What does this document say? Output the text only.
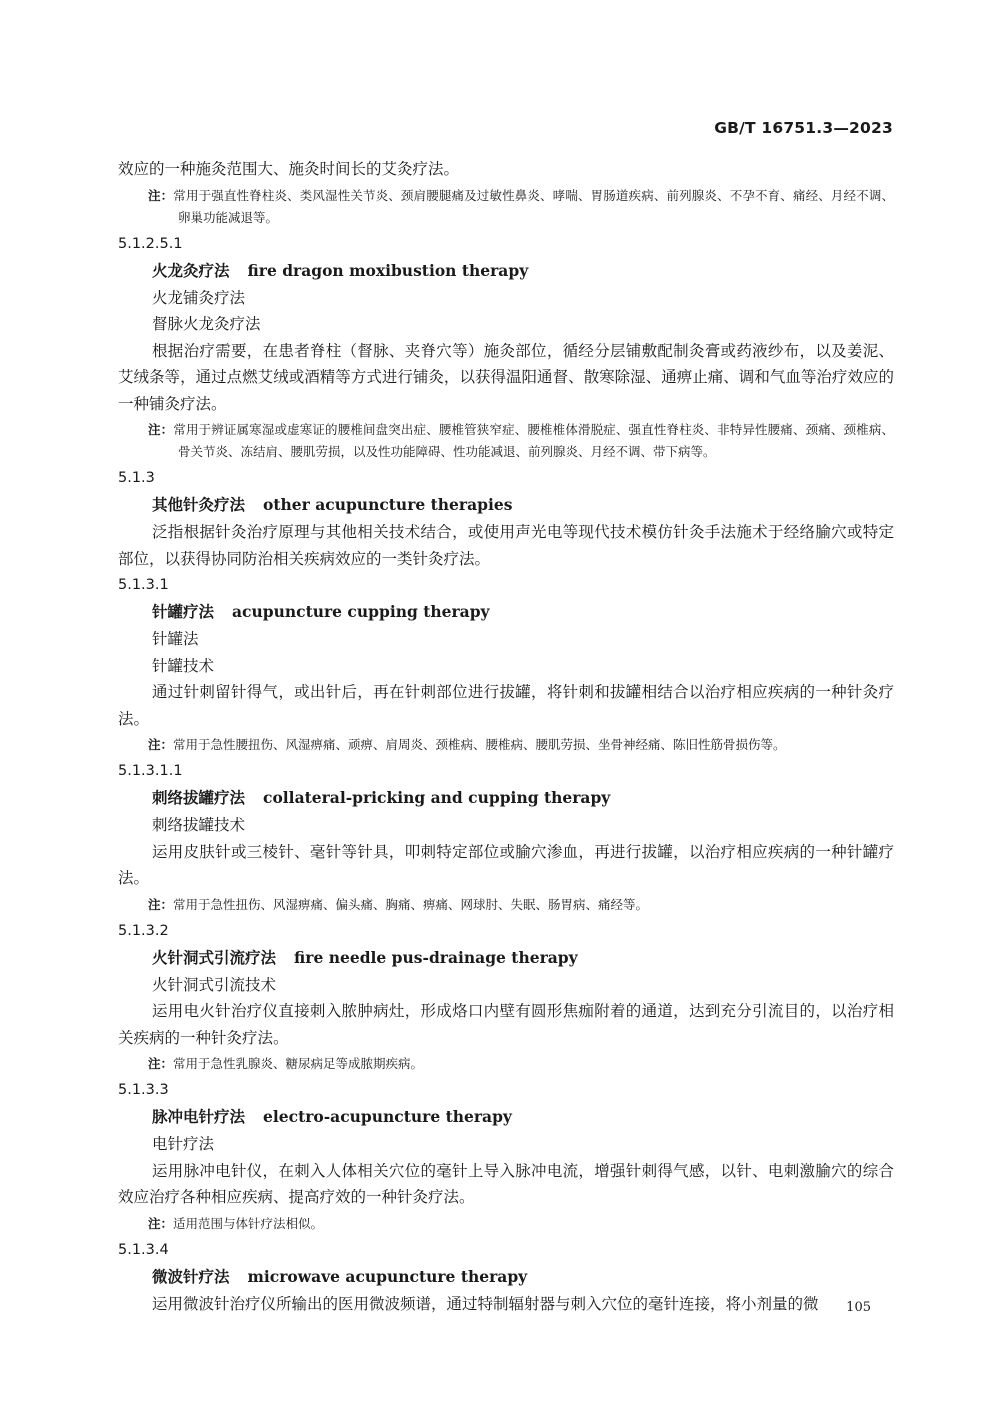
GB/T 16751.3—2023

效应的一种施灸范围大、施灸时间长的艾灸疗法。

注：常用于强直性脊柱炎、类风湿性关节炎、颈肩腰腿痛及过敏性鼻炎、哮喘、胃肠道疾病、前列腺炎、不孕不育、痛经、月经不调、卵巢功能减退等。

5.1.2.5.1

火龙灸疗法 fire dragon moxibustion therapy

火龙铺灸疗法

督脉火龙灸疗法

根据治疗需要，在患者脊柱（督脉、夹脊穴等）施灸部位，循经分层铺敷配制灸膏或药液纱布，以及姜泥、艾绒条等，通过点燃艾绒或酒精等方式进行铺灸，以获得温阳通督、散寒除湿、通痹止痛、调和气血等治疗效应的一种铺灸疗法。

注：常用于辨证属寒湿或虚寒证的腰椎间盘突出症、腰椎管狭窄症、腰椎椎体滑脱症、强直性脊柱炎、非特异性腰痛、颈痛、颈椎病、骨关节炎、冻结肩、腰肌劳损，以及性功能障碍、性功能减退、前列腺炎、月经不调、带下病等。

5.1.3

其他针灸疗法 other acupuncture therapies

泛指根据针灸治疗原理与其他相关技术结合，或使用声光电等现代技术模仿针灸手法施术于经络腧穴或特定部位，以获得协同防治相关疾病效应的一类针灸疗法。

5.1.3.1

针罐疗法 acupuncture cupping therapy

针罐法

针罐技术

通过针刺留针得气，或出针后，再在针刺部位进行拔罐，将针刺和拔罐相结合以治疗相应疾病的一种针灸疗法。

注：常用于急性腰扭伤、风湿痹痛、顽痹、肩周炎、颈椎病、腰椎病、腰肌劳损、坐骨神经痛、陈旧性筋骨损伤等。

5.1.3.1.1

刺络拔罐疗法 collateral-pricking and cupping therapy

刺络拔罐技术

运用皮肤针或三棱针、毫针等针具，叩刺特定部位或腧穴渗血，再进行拔罐，以治疗相应疾病的一种针罐疗法。

注：常用于急性扭伤、风湿痹痛、偏头痛、胸痛、痹痛、网球肘、失眠、肠胃病、痛经等。

5.1.3.2

火针洞式引流疗法 fire needle pus-drainage therapy

火针洞式引流技术

运用电火针治疗仪直接刺入脓肿病灶，形成烙口内壁有圆形焦痂附着的通道，达到充分引流目的，以治疗相关疾病的一种针灸疗法。

注：常用于急性乳腺炎、糖尿病足等成脓期疾病。

5.1.3.3

脉冲电针疗法 electro-acupuncture therapy

电针疗法

运用脉冲电针仪，在刺入人体相关穴位的毫针上导入脉冲电流，增强针刺得气感，以针、电刺激腧穴的综合效应治疗各种相应疾病、提高疗效的一种针灸疗法。

注：适用范围与体针疗法相似。

5.1.3.4

微波针疗法 microwave acupuncture therapy

运用微波针治疗仪所输出的医用微波频谱，通过特制辐射器与刺入穴位的毫针连接，将小剂量的微	105
